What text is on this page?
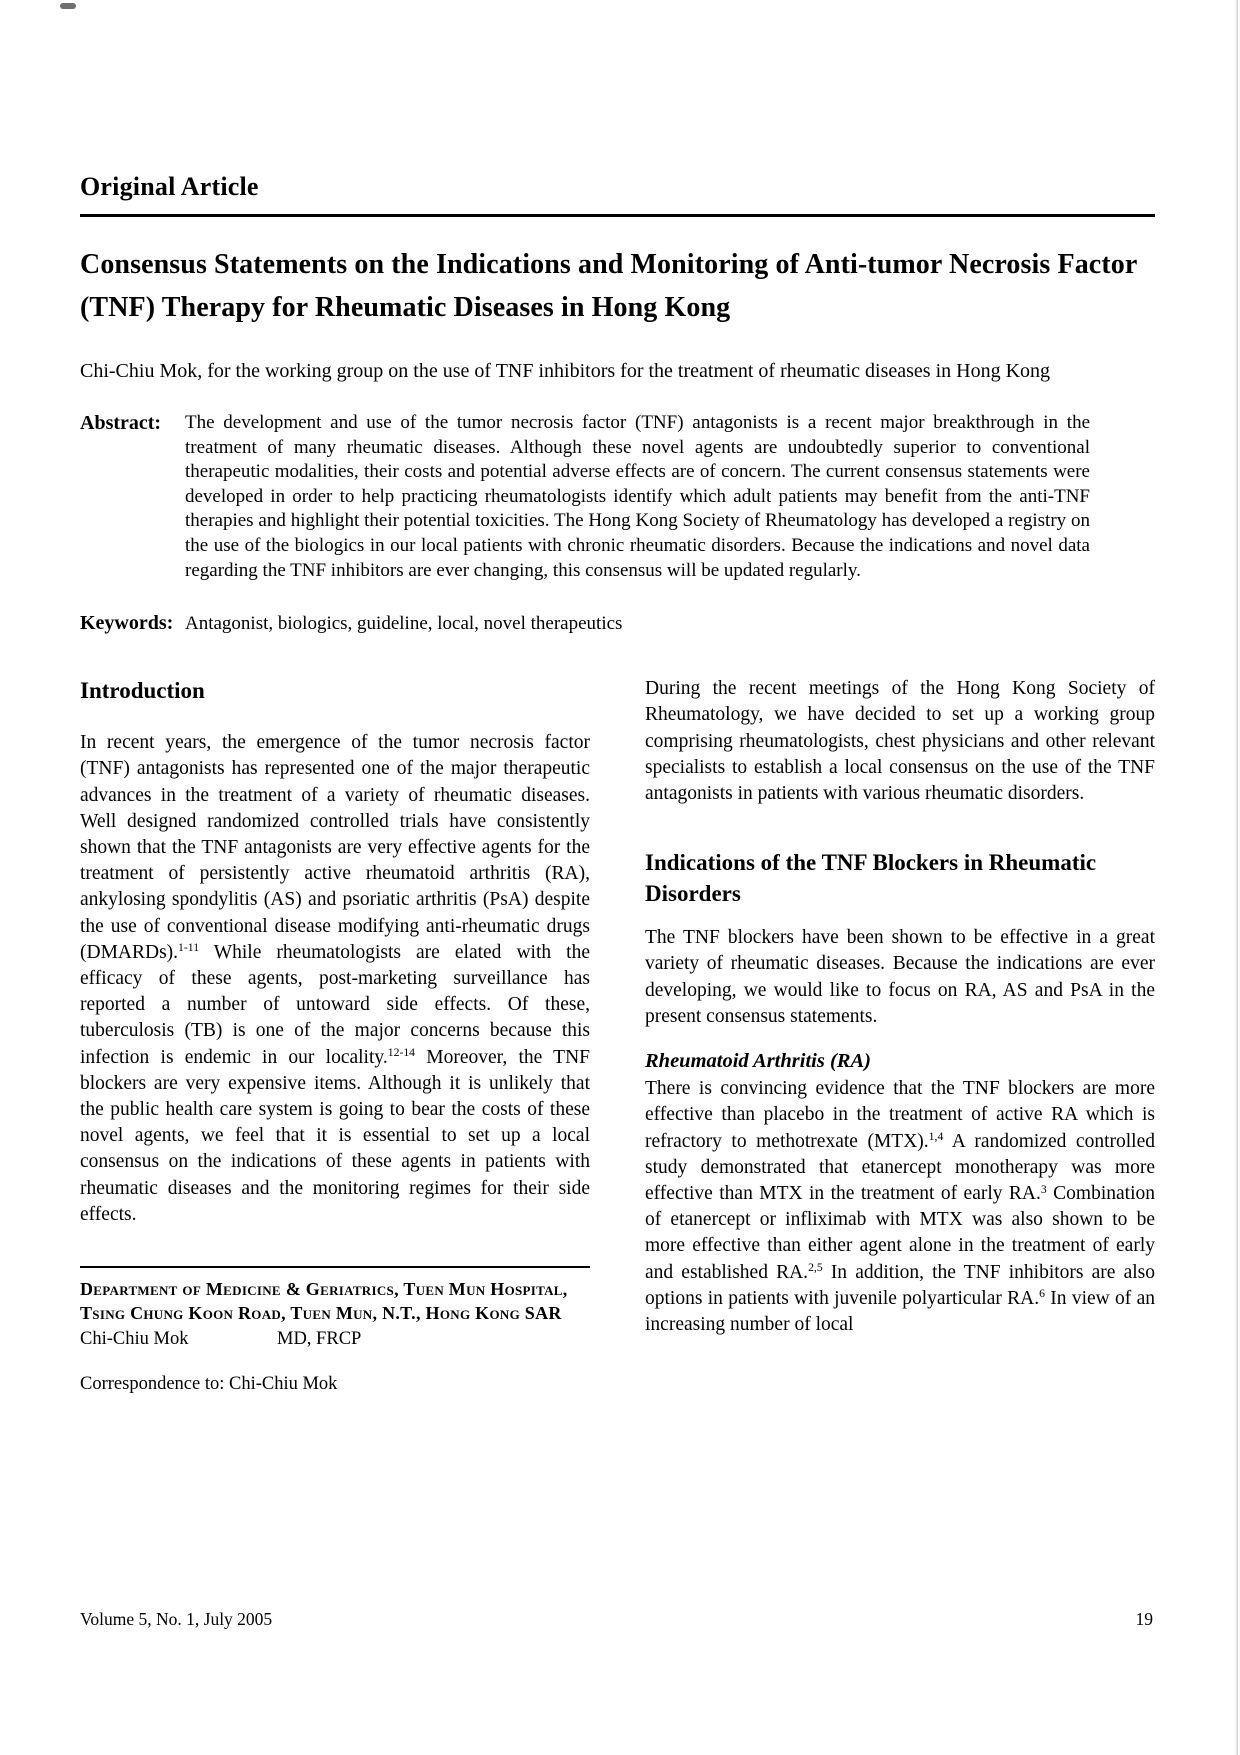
Original Article
Consensus Statements on the Indications and Monitoring of Anti-tumor Necrosis Factor (TNF) Therapy for Rheumatic Diseases in Hong Kong

Chi-Chiu Mok, for the working group on the use of TNF inhibitors for the treatment of rheumatic diseases in Hong Kong

Abstract:	The development and use of the tumor necrosis factor (TNF) antagonists is a recent major breakthrough in the treatment of many rheumatic diseases. Although these novel agents are undoubtedly superior to conventional therapeutic modalities, their costs and potential adverse effects are of concern. The current consensus statements were developed in order to help practicing rheumatologists identify which adult patients may benefit from the anti-TNF therapies and highlight their potential toxicities. The Hong Kong Society of Rheumatology has developed a registry on the use of the biologics in our local patients with chronic rheumatic disorders. Because the indications and novel data regarding the TNF inhibitors are ever changing, this consensus will be updated regularly.

Keywords: Antagonist, biologics, guideline, local, novel therapeutics

Introduction

In recent years, the emergence of the tumor necrosis factor (TNF) antagonists has represented one of the major therapeutic advances in the treatment of a variety of rheumatic diseases. Well designed randomized controlled trials have consistently shown that the TNF antagonists are very effective agents for the treatment of persistently active rheumatoid arthritis (RA), ankylosing spondylitis (AS) and psoriatic arthritis (PsA) despite the use of conventional disease modifying anti-rheumatic drugs (DMARDs).$^{1-11}$ While rheumatologists are elated with the efficacy of these agents, post-marketing surveillance has reported a number of untoward side effects. Of these, tuberculosis (TB) is one of the major concerns because this infection is endemic in our locality.$^{12-14}$ Moreover, the TNF blockers are very expensive items. Although it is unlikely that the public health care system is going to bear the costs of these novel agents, we feel that it is essential to set up a local consensus on the indications of these agents in patients with rheumatic diseases and the monitoring regimes for their side effects.

Department of Medicine & Geriatrics, Tuen Mun Hospital, Tsing Chung Koon Road, Tuen Mun, N.T., Hong Kong SAR

Chi-Chiu Mok	MD, FRCP

Correspondence to: Chi-Chiu Mok

During the recent meetings of the Hong Kong Society of Rheumatology, we have decided to set up a working group comprising rheumatologists, chest physicians and other relevant specialists to establish a local consensus on the use of the TNF antagonists in patients with various rheumatic disorders.

Indications of the TNF Blockers in Rheumatic Disorders

The TNF blockers have been shown to be effective in a great variety of rheumatic diseases. Because the indications are ever developing, we would like to focus on RA, AS and PsA in the present consensus statements.

Rheumatoid Arthritis (RA)

There is convincing evidence that the TNF blockers are more effective than placebo in the treatment of active RA which is refractory to methotrexate (MTX).$^{1,4}$ A randomized controlled study demonstrated that etanercept monotherapy was more effective than MTX in the treatment of early RA.$^3$ Combination of etanercept or infliximab with MTX was also shown to be more effective than either agent alone in the treatment of early and established RA.$^{2,5}$ In addition, the TNF inhibitors are also options in patients with juvenile polyarticular RA.$^6$ In view of an increasing number of local

Volume 5, No. 1, July 2005	19
